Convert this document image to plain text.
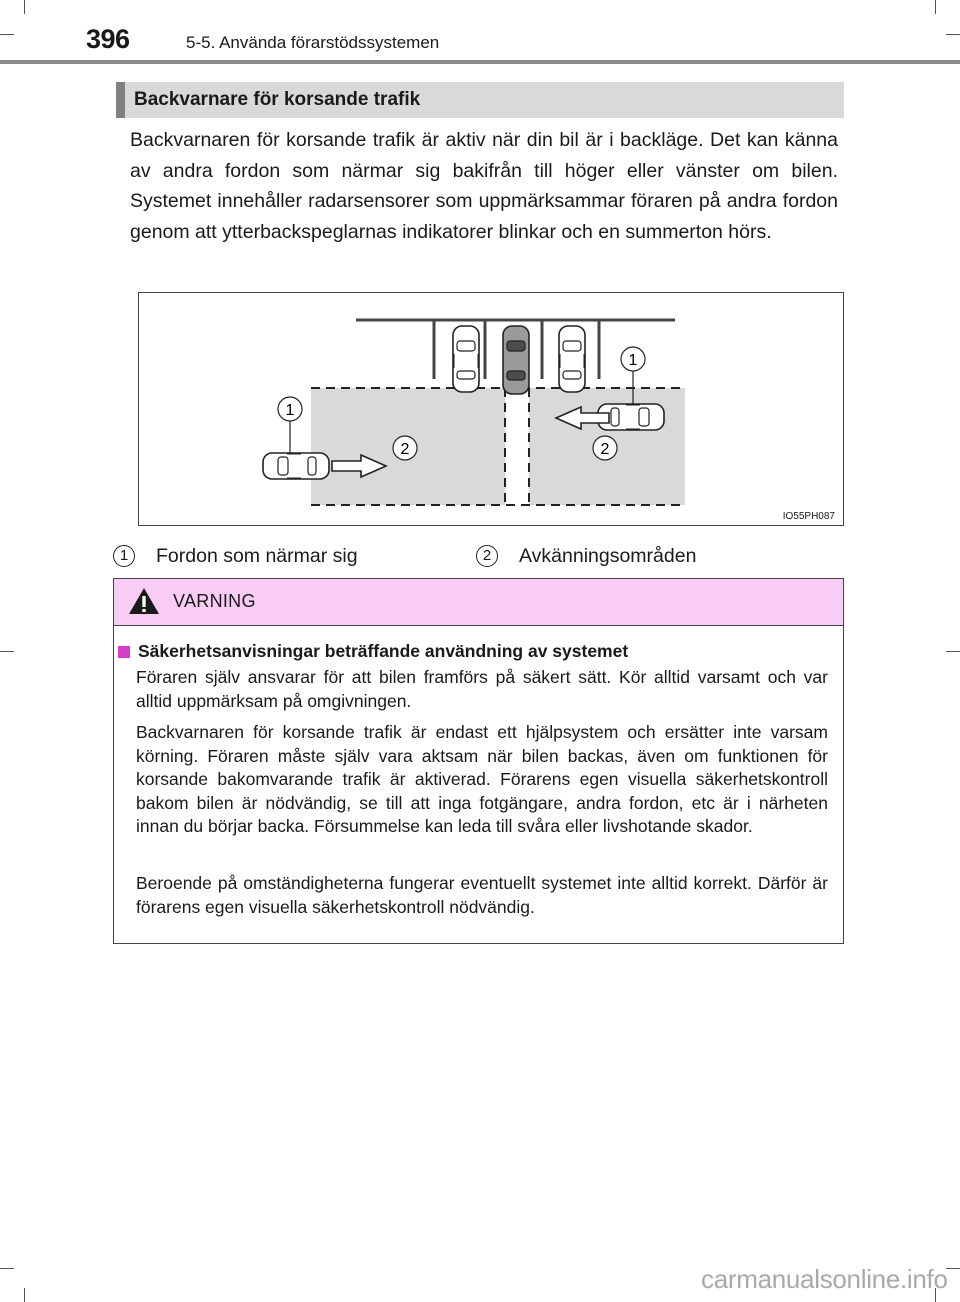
396	5-5. Använda förarstödssystemen
Backvarnare för korsande trafik

Backvarnaren för korsande trafik är aktiv när din bil är i backläge. Det kan känna av andra fordon som närmar sig bakifrån till höger eller vänster om bilen. Systemet innehåller radarsensorer som uppmärksammar föraren på andra fordon genom att ytterbackspeglarnas indikatorer blinkar och en summerton hörs.

1
1
2	2
IO55PH087
1	Fordon som närmar sig	2	Avkänningsområden
VARNING
Säkerhetsanvisningar beträffande användning av systemet

Föraren själv ansvarar för att bilen framförs på säkert sätt. Kör alltid varsamt och var alltid uppmärksam på omgivningen.

Backvarnaren för korsande trafik är endast ett hjälpsystem och ersätter inte varsam körning. Föraren måste själv vara aktsam när bilen backas, även om funktionen för korsande bakomvarande trafik är aktiverad. Förarens egen visuella säkerhetskontroll bakom bilen är nödvändig, se till att inga fotgängare, andra fordon, etc är i närheten innan du börjar backa. Försummelse kan leda till svåra eller livshotande skador.

Beroende på omständigheterna fungerar eventuellt systemet inte alltid korrekt. Därför är förarens egen visuella säkerhetskontroll nödvändig.

carmanualsonline.info
